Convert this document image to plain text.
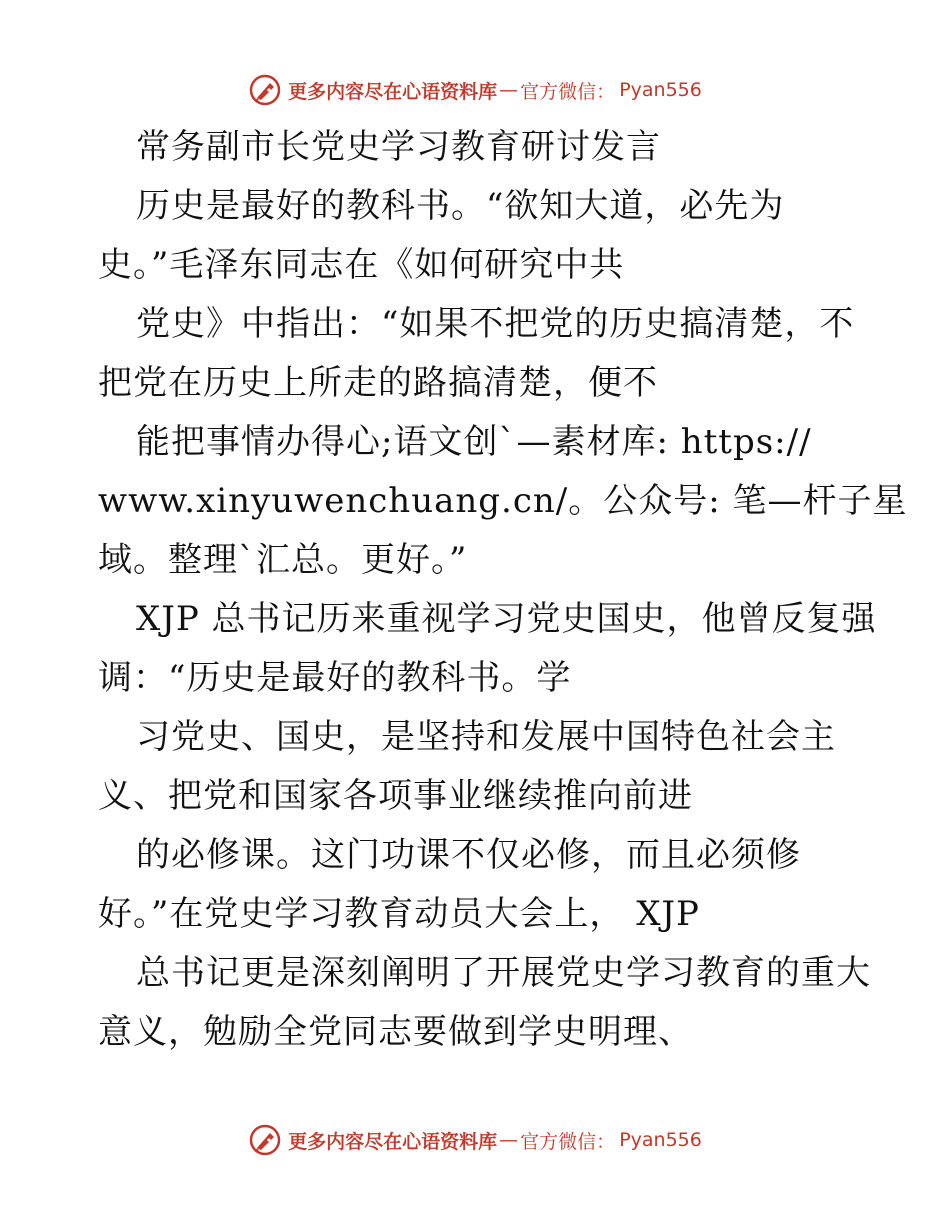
更多内容尽在心语资料库 — 官方微信： Pyan556
常务副市长党史学习教育研讨发言
历史是最好的教科书。“欲知大道，必先为
史。”毛泽东同志在《如何研究中共
党史》中指出：“如果不把党的历史搞清楚，不
把党在历史上所走的路搞清楚，便不
能把事情办得心;语文创`—素材库: https://
www.xinyuwenchuang.cn/。公众号: 笔—杆子星
域。整理`汇总。更好。”
XJP 总书记历来重视学习党史国史，他曾反复强
调：“历史是最好的教科书。学
习党史、国史，是坚持和发展中国特色社会主
义、把党和国家各项事业继续推向前进
的必修课。这门功课不仅必修，而且必须修
好。”在党史学习教育动员大会上， XJP
总书记更是深刻阐明了开展党史学习教育的重大
意义，勉励全党同志要做到学史明理、
更多内容尽在心语资料库 — 官方微信： Pyan556
